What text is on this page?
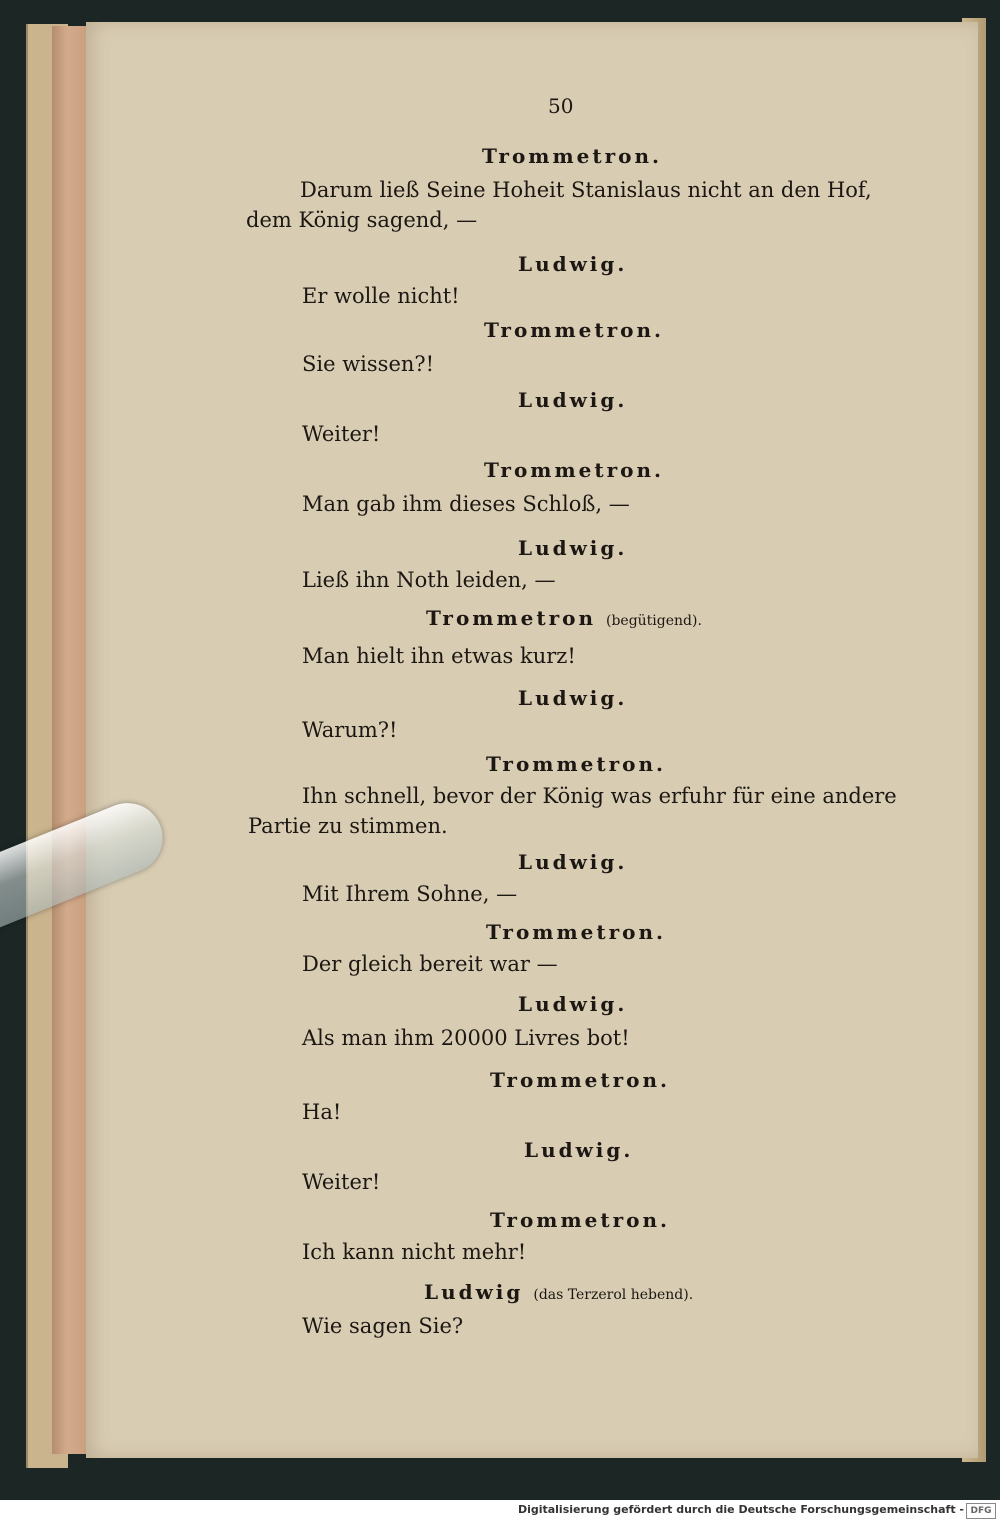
50

Trommetron.

Darum ließ Seine Hoheit Stanislaus nicht an den Hof,

dem König sagend, —

Ludwig.

Er wolle nicht!

Trommetron.

Sie wissen?!

Ludwig.

Weiter!

Trommetron.

Man gab ihm dieses Schloß, —

Ludwig.

Ließ ihn Noth leiden, —

Trommetron (begütigend).

Man hielt ihn etwas kurz!

Ludwig.

Warum?!

Trommetron.

Ihn schnell, bevor der König was erfuhr für eine andere

Partie zu stimmen.

Ludwig.

Mit Ihrem Sohne, —

Trommetron.

Der gleich bereit war —

Ludwig.

Als man ihm 20000 Livres bot!

Trommetron.

Ha!

Ludwig.

Weiter!

Trommetron.

Ich kann nicht mehr!

Ludwig (das Terzerol hebend).

Wie sagen Sie?

Digitalisierung gefördert durch die Deutsche Forschungsgemeinschaft - DFG
